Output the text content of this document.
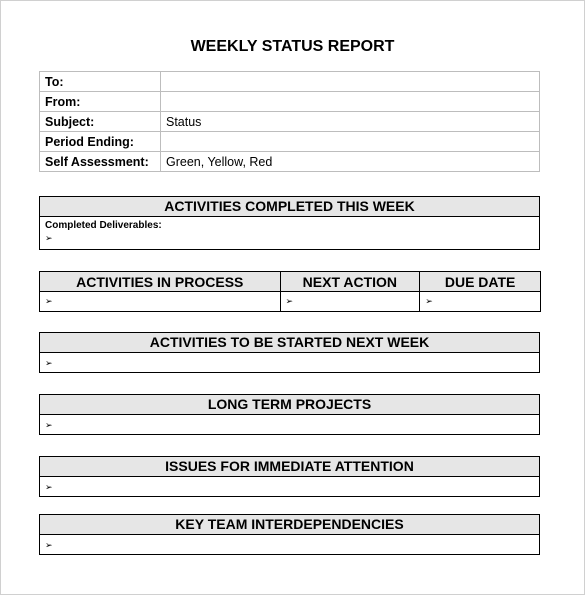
WEEKLY STATUS REPORT
To:	
From:	
Subject:	Status
Period Ending:	
Self Assessment:	Green, Yellow, Red
ACTIVITIES COMPLETED THIS WEEK
Completed Deliverables:
➢
ACTIVITIES IN PROCESS	NEXT ACTION	DUE DATE
➢	➢	➢
ACTIVITIES TO BE STARTED NEXT WEEK
➢
LONG TERM PROJECTS
➢
ISSUES FOR IMMEDIATE ATTENTION
➢
KEY TEAM INTERDEPENDENCIES
➢
